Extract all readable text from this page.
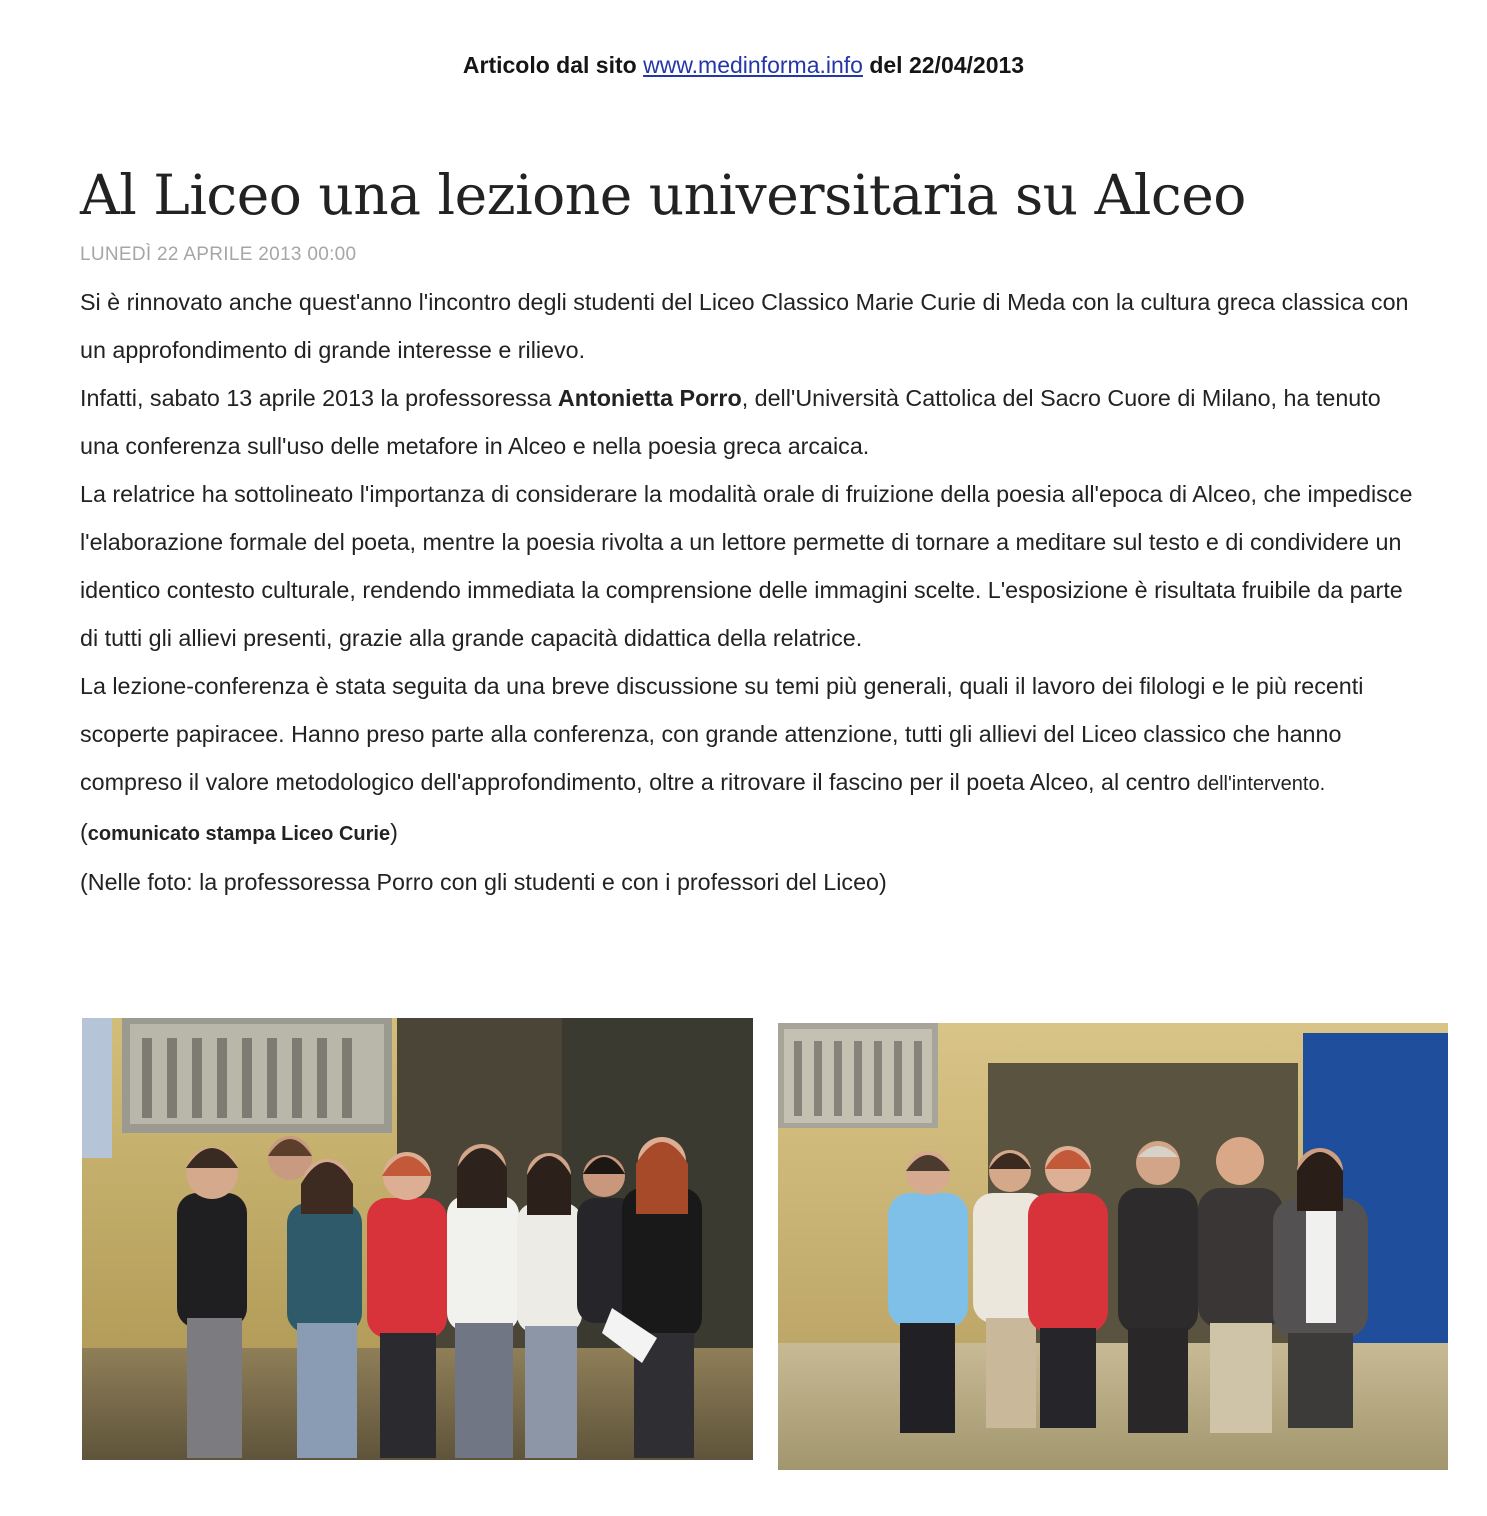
Articolo dal sito www.medinforma.info del 22/04/2013
Al Liceo una lezione universitaria su Alceo
LUNEDÌ 22 APRILE 2013 00:00

Si è rinnovato anche quest'anno l'incontro degli studenti del Liceo Classico Marie Curie di Meda con la cultura greca classica con un approfondimento di grande interesse e rilievo.

Infatti, sabato 13 aprile 2013 la professoressa Antonietta Porro, dell'Università Cattolica del Sacro Cuore di Milano, ha tenuto una conferenza sull'uso delle metafore in Alceo e nella poesia greca arcaica.

La relatrice ha sottolineato l'importanza di considerare la modalità orale di fruizione della poesia all'epoca di Alceo, che impedisce l'elaborazione formale del poeta, mentre la poesia rivolta a un lettore permette di tornare a meditare sul testo e di condividere un identico contesto culturale, rendendo immediata la comprensione delle immagini scelte. L'esposizione è risultata fruibile da parte di tutti gli allievi presenti, grazie alla grande capacità didattica della relatrice.

La lezione-conferenza è stata seguita da una breve discussione su temi più generali, quali il lavoro dei filologi e le più recenti scoperte papiracee. Hanno preso parte alla conferenza, con grande attenzione, tutti gli allievi del Liceo classico che hanno compreso il valore metodologico dell'approfondimento, oltre a ritrovare il fascino per il poeta Alceo, al centro dell'intervento. (comunicato stampa Liceo Curie)

(Nelle foto: la professoressa Porro con gli studenti e con i professori del Liceo)
